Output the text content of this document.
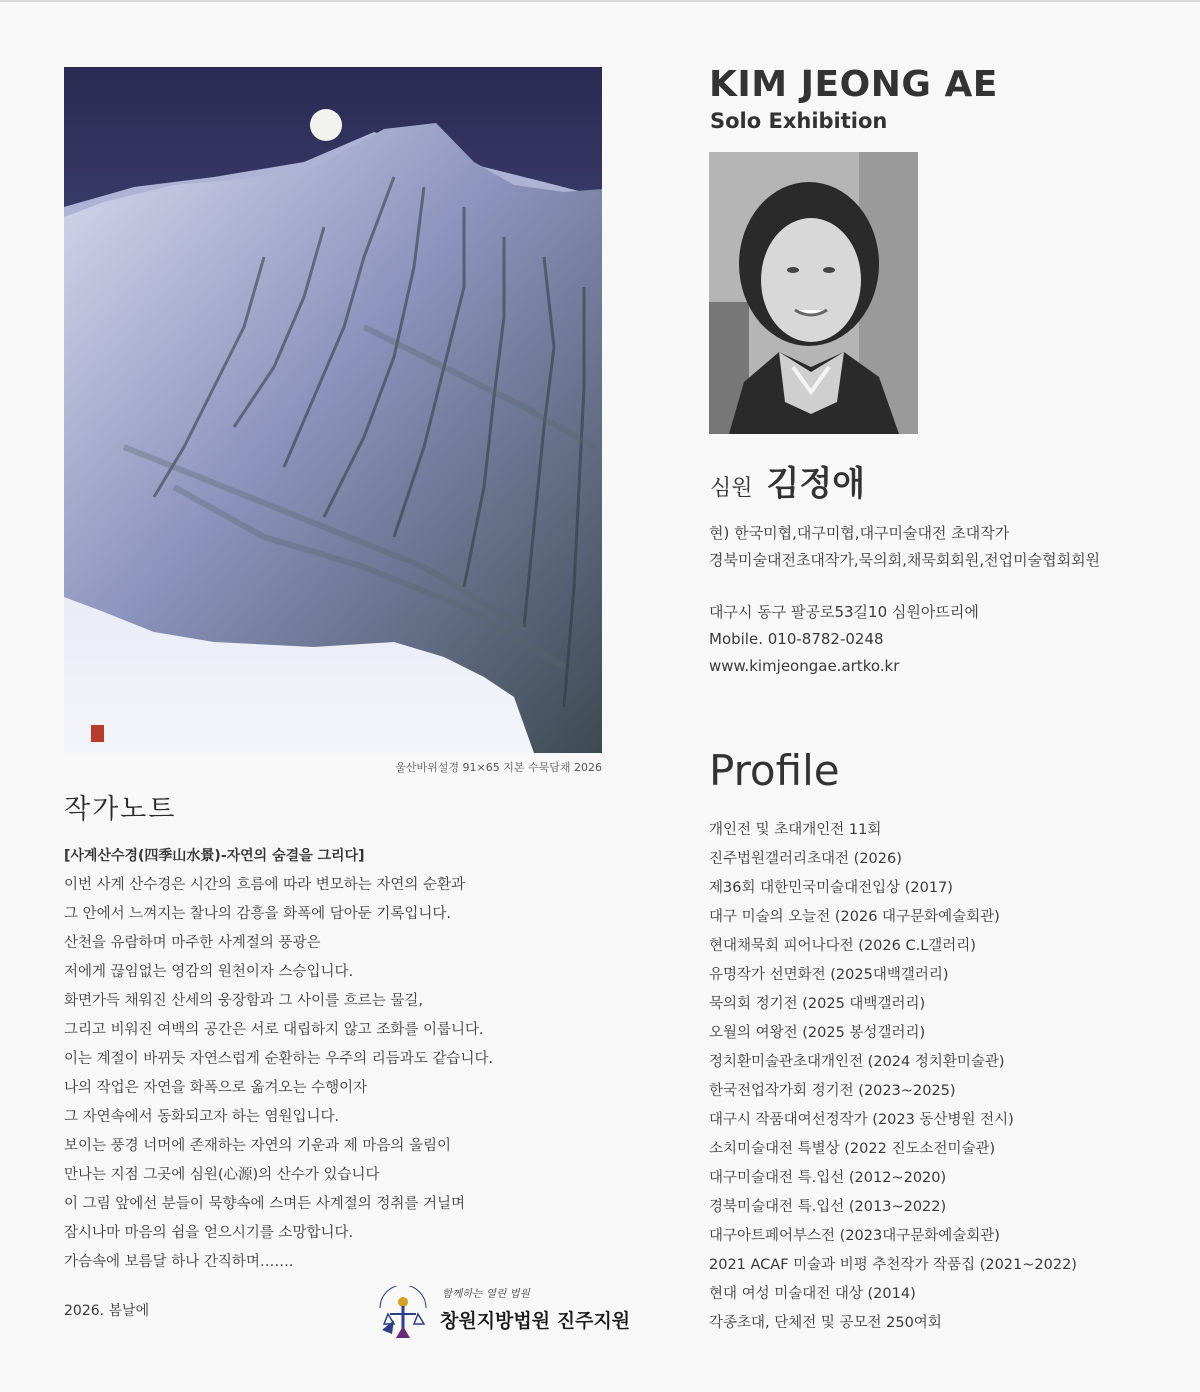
울산바위설경 91×65 지본 수묵담채 2026
작가노트
[사계산수경(四季山水景)-자연의 숨결을 그리다]
이번 사계 산수경은 시간의 흐름에 따라 변모하는 자연의 순환과
그 안에서 느껴지는 찰나의 감흥을 화폭에 담아둔 기록입니다.
산천을 유람하며 마주한 사계절의 풍광은
저에게 끊임없는 영감의 원천이자 스승입니다.
화면가득 채워진 산세의 웅장함과 그 사이를 흐르는 물길,
그리고 비워진 여백의 공간은 서로 대립하지 않고 조화를 이룹니다.
이는 계절이 바뀌듯 자연스럽게 순환하는 우주의 리듬과도 같습니다.
나의 작업은 자연을 화폭으로 옮겨오는 수행이자
그 자연속에서 동화되고자 하는 염원입니다.
보이는 풍경 너머에 존재하는 자연의 기운과 제 마음의 울림이
만나는 지점 그곳에 심원(心源)의 산수가 있습니다
이 그림 앞에선 분들이 묵향속에 스며든 사계절의 정취를 거닐며
잠시나마 마음의 쉼을 얻으시기를 소망합니다.
가슴속에 보름달 하나 간직하며…….
2026. 봄날에
함께하는 열린 법원
창원지방법원 진주지원
KIM JEONG AE
Solo Exhibition
심원 김정애
현) 한국미협,대구미협,대구미술대전 초대작가
경북미술대전초대작가,묵의회,채묵회회원,전업미술협회회원
대구시 동구 팔공로53길10 심원아뜨리에
Mobile. 010-8782-0248
www.kimjeongae.artko.kr
Profile
개인전 및 초대개인전 11회
진주법원갤러리초대전 (2026)
제36회 대한민국미술대전입상 (2017)
대구 미술의 오늘전 (2026 대구문화예술회관)
현대채묵회 피어나다전 (2026 C.L갤러리)
유명작가 선면화전 (2025대백갤러리)
묵의회 정기전 (2025 대백갤러리)
오월의 여왕전 (2025 봉성갤러리)
정치환미술관초대개인전 (2024 정치환미술관)
한국전업작가회 정기전 (2023~2025)
대구시 작품대여선정작가 (2023 동산병원 전시)
소치미술대전 특별상 (2022 진도소전미술관)
대구미술대전 특.입선 (2012~2020)
경북미술대전 특.입선 (2013~2022)
대구아트페어부스전 (2023대구문화예술회관)
2021 ACAF 미술과 비평 추천작가 작품집 (2021~2022)
현대 여성 미술대전 대상 (2014)
각종초대, 단체전 및 공모전 250여회
